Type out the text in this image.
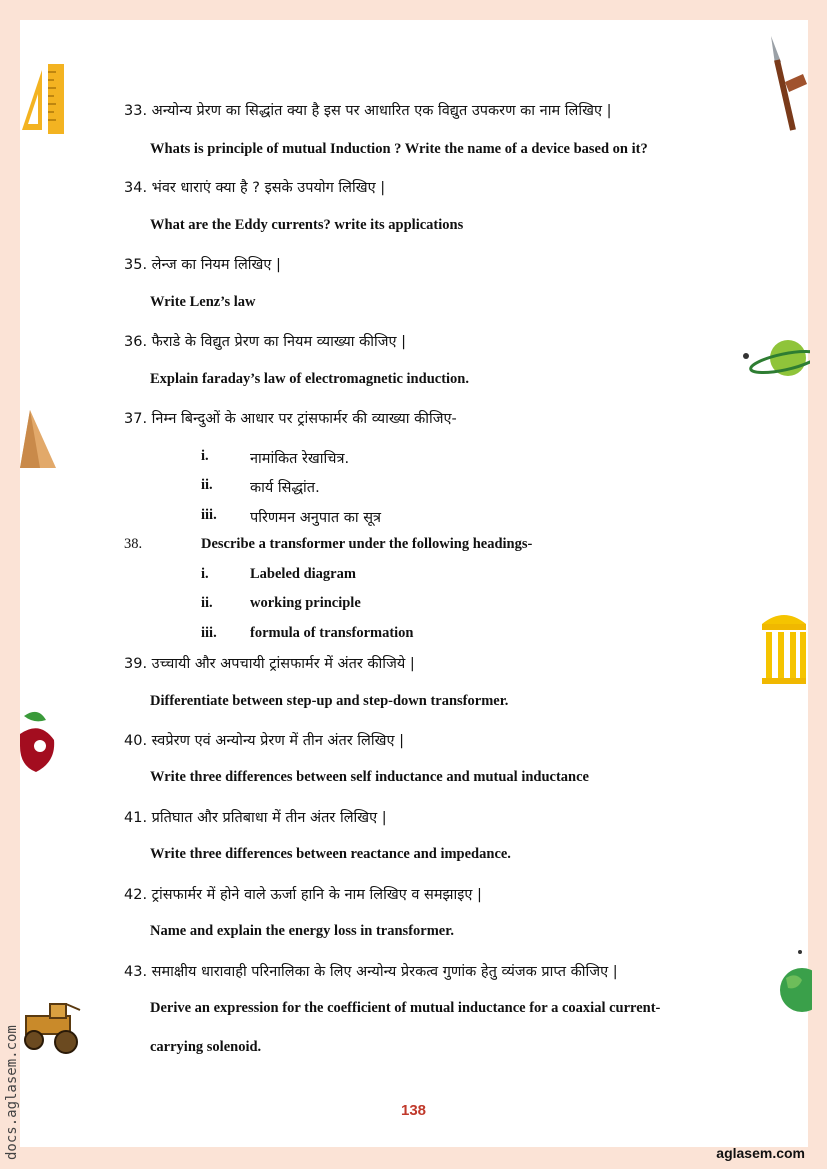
33. अन्योन्य प्रेरण का सिद्धांत क्या है इस पर आधारित एक विद्युत उपकरण का नाम लिखिए |
Whats is principle of mutual Induction ? Write the name of a device based on it?
34. भंवर धाराएं क्या है ? इसके उपयोग लिखिए |
What are the Eddy currents? write its applications
35. लेन्ज का नियम लिखिए |
Write Lenz’s law
36. फैराडे के विद्युत प्रेरण का नियम व्याख्या कीजिए |
Explain faraday’s law of electromagnetic induction.
37. निम्न बिन्दुओं के आधार पर ट्रांसफार्मर की व्याख्या कीजिए-
i.	नामांकित रेखाचित्र.
ii.	कार्य सिद्धांत.
iii. परिणमन अनुपात का सूत्र
38.	Describe a transformer under the following headings-
i.	Labeled diagram
ii.	working principle
iii. formula of transformation
39. उच्चायी और अपचायी ट्रांसफार्मर में अंतर कीजिये |
Differentiate between step-up and step-down transformer.
40. स्वप्रेरण एवं अन्योन्य प्रेरण में तीन अंतर लिखिए |
Write three differences between self inductance and mutual inductance
41. प्रतिघात और प्रतिबाधा में तीन अंतर लिखिए |
Write three differences between reactance and impedance.
42. ट्रांसफार्मर में होने वाले ऊर्जा हानि के नाम लिखिए व समझाइए |
Name and explain the energy loss in transformer.
43. समाक्षीय धारावाही परिनालिका के लिए अन्योन्य प्रेरकत्व गुणांक हेतु व्यंजक प्राप्त कीजिए |
Derive an expression for the coefficient of mutual inductance for a coaxial current-
carrying solenoid.
138
aglasem.com
docs.aglasem.com
